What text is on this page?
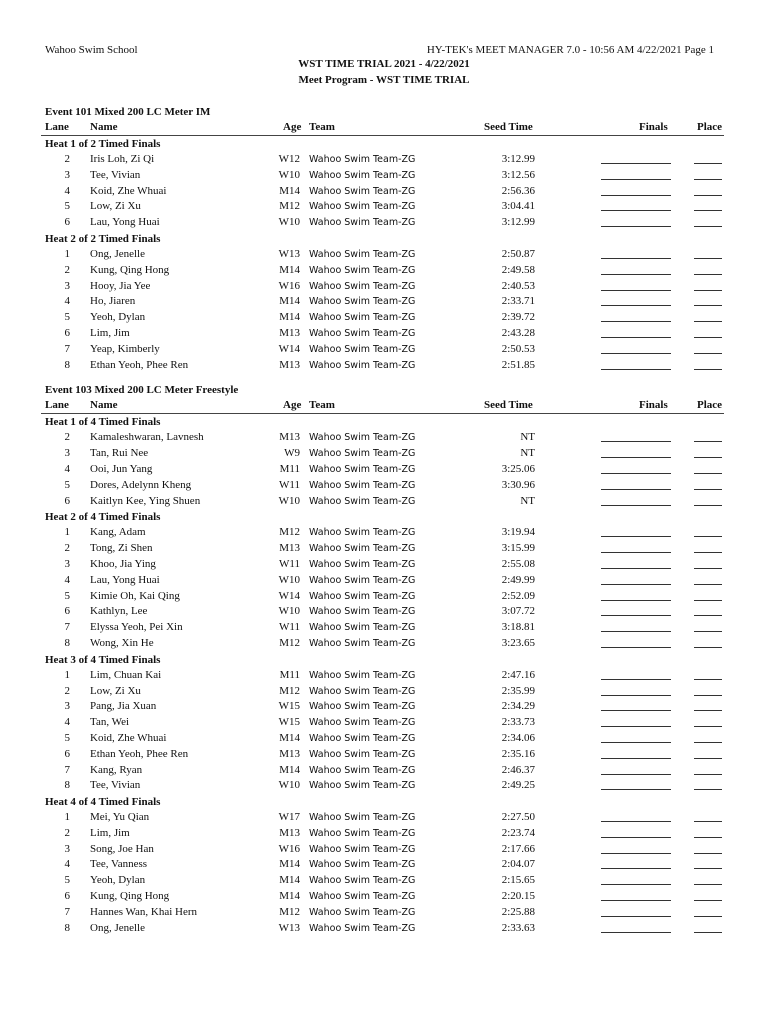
Wahoo Swim School	HY-TEK's MEET MANAGER 7.0 - 10:56 AM 4/22/2021 Page 1
WST TIME TRIAL 2021 - 4/22/2021
Meet Program - WST TIME TRIAL
Event 101 Mixed 200 LC Meter IM
Lane Name	Age Team	Seed Time	Finals	Place
Heat 1 of 2 Timed Finals
2 Iris Loh, Zi Qi	W12 Wahoo Swim Team-ZG	3:12.99
3 Tee, Vivian	W10 Wahoo Swim Team-ZG	3:12.56
4 Koid, Zhe Whuai	M14 Wahoo Swim Team-ZG	2:56.36
5 Low, Zi Xu	M12 Wahoo Swim Team-ZG	3:04.41
6 Lau, Yong Huai	W10 Wahoo Swim Team-ZG	3:12.99
Heat 2 of 2 Timed Finals
1 Ong, Jenelle	W13 Wahoo Swim Team-ZG	2:50.87
2 Kung, Qing Hong	M14 Wahoo Swim Team-ZG	2:49.58
3 Hooy, Jia Yee	W16 Wahoo Swim Team-ZG	2:40.53
4 Ho, Jiaren	M14 Wahoo Swim Team-ZG	2:33.71
5 Yeoh, Dylan	M14 Wahoo Swim Team-ZG	2:39.72
6 Lim, Jim	M13 Wahoo Swim Team-ZG	2:43.28
7 Yeap, Kimberly	W14 Wahoo Swim Team-ZG	2:50.53
8 Ethan Yeoh, Phee Ren	M13 Wahoo Swim Team-ZG	2:51.85
Event 103 Mixed 200 LC Meter Freestyle
Lane Name	Age Team	Seed Time	Finals	Place
Heat 1 of 4 Timed Finals
2 Kamaleshwaran, Lavnesh	M13 Wahoo Swim Team-ZG	NT
3 Tan, Rui Nee	W9 Wahoo Swim Team-ZG	NT
4 Ooi, Jun Yang	M11 Wahoo Swim Team-ZG	3:25.06
5 Dores, Adelynn Kheng	W11 Wahoo Swim Team-ZG	3:30.96
6 Kaitlyn Kee, Ying Shuen	W10 Wahoo Swim Team-ZG	NT
Heat 2 of 4 Timed Finals
1 Kang, Adam	M12 Wahoo Swim Team-ZG	3:19.94
2 Tong, Zi Shen	M13 Wahoo Swim Team-ZG	3:15.99
3 Khoo, Jia Ying	W11 Wahoo Swim Team-ZG	2:55.08
4 Lau, Yong Huai	W10 Wahoo Swim Team-ZG	2:49.99
5 Kimie Oh, Kai Qing	W14 Wahoo Swim Team-ZG	2:52.09
6 Kathlyn, Lee	W10 Wahoo Swim Team-ZG	3:07.72
7 Elyssa Yeoh, Pei Xin	W11 Wahoo Swim Team-ZG	3:18.81
8 Wong, Xin He	M12 Wahoo Swim Team-ZG	3:23.65
Heat 3 of 4 Timed Finals
1 Lim, Chuan Kai	M11 Wahoo Swim Team-ZG	2:47.16
2 Low, Zi Xu	M12 Wahoo Swim Team-ZG	2:35.99
3 Pang, Jia Xuan	W15 Wahoo Swim Team-ZG	2:34.29
4 Tan, Wei	W15 Wahoo Swim Team-ZG	2:33.73
5 Koid, Zhe Whuai	M14 Wahoo Swim Team-ZG	2:34.06
6 Ethan Yeoh, Phee Ren	M13 Wahoo Swim Team-ZG	2:35.16
7 Kang, Ryan	M14 Wahoo Swim Team-ZG	2:46.37
8 Tee, Vivian	W10 Wahoo Swim Team-ZG	2:49.25
Heat 4 of 4 Timed Finals
1 Mei, Yu Qian	W17 Wahoo Swim Team-ZG	2:27.50
2 Lim, Jim	M13 Wahoo Swim Team-ZG	2:23.74
3 Song, Joe Han	W16 Wahoo Swim Team-ZG	2:17.66
4 Tee, Vanness	M14 Wahoo Swim Team-ZG	2:04.07
5 Yeoh, Dylan	M14 Wahoo Swim Team-ZG	2:15.65
6 Kung, Qing Hong	M14 Wahoo Swim Team-ZG	2:20.15
7 Hannes Wan, Khai Hern	M12 Wahoo Swim Team-ZG	2:25.88
8 Ong, Jenelle	W13 Wahoo Swim Team-ZG	2:33.63
